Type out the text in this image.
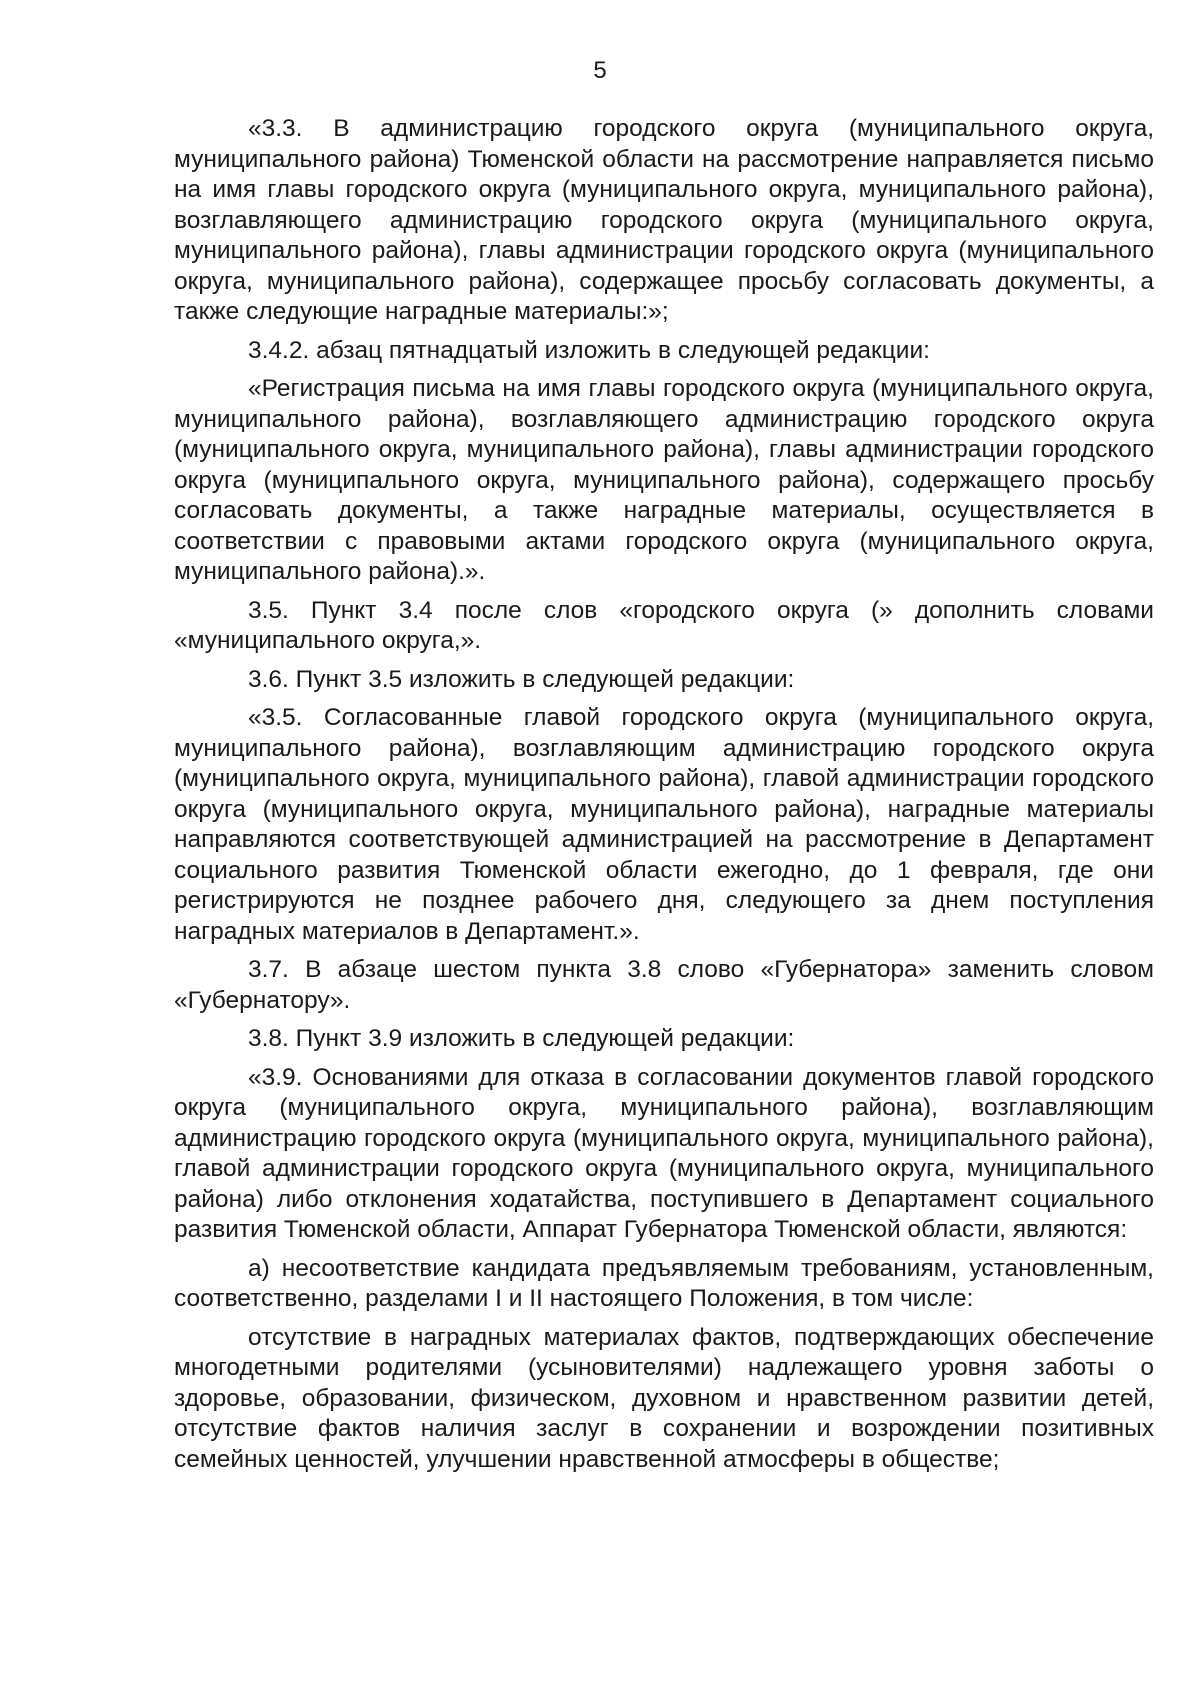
5

«3.3. В администрацию городского округа (муниципального округа, муниципального района) Тюменской области на рассмотрение направляется письмо на имя главы городского округа (муниципального округа, муниципального района), возглавляющего администрацию городского округа (муниципального округа, муниципального района), главы администрации городского округа (муниципального округа, муниципального района), содержащее просьбу согласовать документы, а также следующие наградные материалы:»;

3.4.2. абзац пятнадцатый изложить в следующей редакции:

«Регистрация письма на имя главы городского округа (муниципального округа, муниципального района), возглавляющего администрацию городского округа (муниципального округа, муниципального района), главы администрации городского округа (муниципального округа, муниципального района), содержащего просьбу согласовать документы, а также наградные материалы, осуществляется в соответствии с правовыми актами городского округа (муниципального округа, муниципального района).».

3.5. Пункт 3.4 после слов «городского округа (» дополнить словами «муниципального округа,».

3.6. Пункт 3.5 изложить в следующей редакции:

«3.5. Согласованные главой городского округа (муниципального округа, муниципального района), возглавляющим администрацию городского округа (муниципального округа, муниципального района), главой администрации городского округа (муниципального округа, муниципального района), наградные материалы направляются соответствующей администрацией на рассмотрение в Департамент социального развития Тюменской области ежегодно, до 1 февраля, где они регистрируются не позднее рабочего дня, следующего за днем поступления наградных материалов в Департамент.».

3.7. В абзаце шестом пункта 3.8 слово «Губернатора» заменить словом «Губернатору».

3.8. Пункт 3.9 изложить в следующей редакции:

«3.9. Основаниями для отказа в согласовании документов главой городского округа (муниципального округа, муниципального района), возглавляющим администрацию городского округа (муниципального округа, муниципального района), главой администрации городского округа (муниципального округа, муниципального района) либо отклонения ходатайства, поступившего в Департамент социального развития Тюменской области, Аппарат Губернатора Тюменской области, являются:

а) несоответствие кандидата предъявляемым требованиям, установленным, соответственно, разделами I и II настоящего Положения, в том числе:

отсутствие в наградных материалах фактов, подтверждающих обеспечение многодетными родителями (усыновителями) надлежащего уровня заботы о здоровье, образовании, физическом, духовном и нравственном развитии детей, отсутствие фактов наличия заслуг в сохранении и возрождении позитивных семейных ценностей, улучшении нравственной атмосферы в обществе;
